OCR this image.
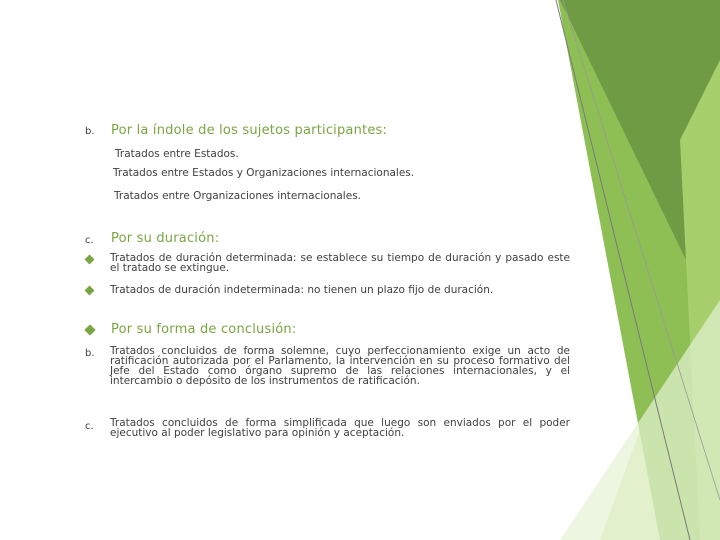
b. Por la índole de los sujetos participantes:
Tratados entre Estados.
Tratados entre Estados y Organizaciones internacionales.
Tratados entre Organizaciones internacionales.
c. Por su duración:
Tratados de duración determinada: se establece su tiempo de duración y pasado este el tratado se extingue.
Tratados de duración indeterminada: no tienen un plazo fijo de duración.
Por su forma de conclusión:
b. Tratados concluidos de forma solemne, cuyo perfeccionamiento exige un acto de ratificación autorizada por el Parlamento, la intervención en su proceso formativo del Jefe del Estado como órgano supremo de las relaciones internacionales, y el intercambio o depósito de los instrumentos de ratificación.
c. Tratados concluidos de forma simplificada que luego son enviados por el poder ejecutivo al poder legislativo para opinión y aceptación.
